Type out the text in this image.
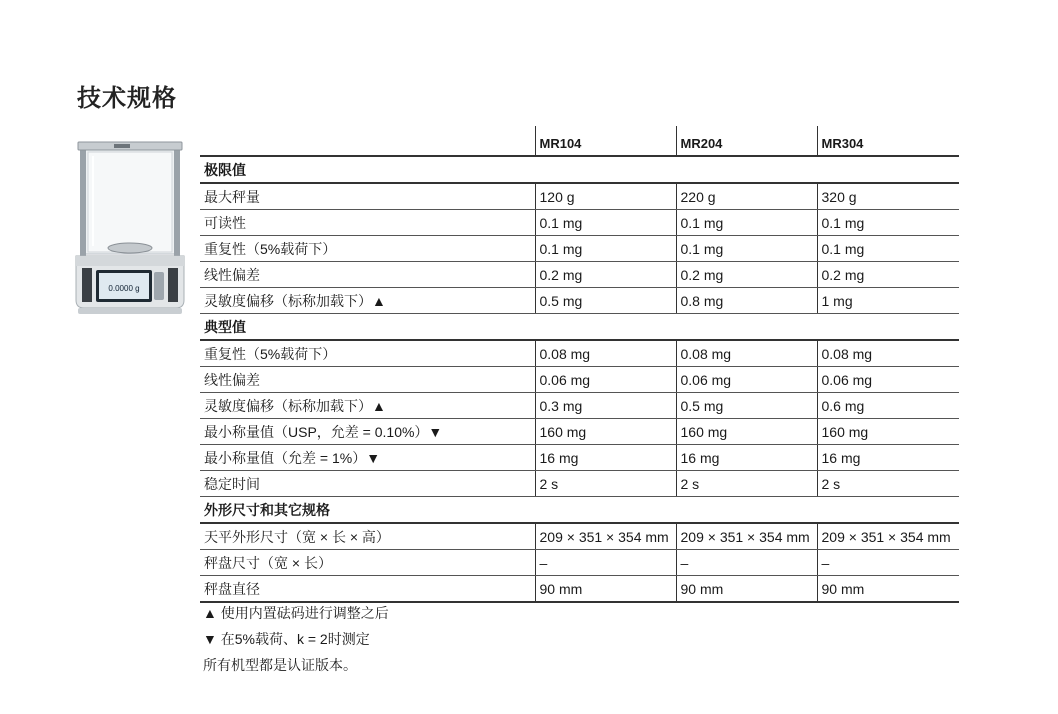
技术规格
0.0000 g
	MR104	MR204	MR304
极限值			
最大秤量	120 g	220 g	320 g
可读性	0.1 mg	0.1 mg	0.1 mg
重复性（5%载荷下）	0.1 mg	0.1 mg	0.1 mg
线性偏差	0.2 mg	0.2 mg	0.2 mg
灵敏度偏移（标称加载下）▲	0.5 mg	0.8 mg	1 mg
典型值			
重复性（5%载荷下）	0.08 mg	0.08 mg	0.08 mg
线性偏差	0.06 mg	0.06 mg	0.06 mg
灵敏度偏移（标称加载下）▲	0.3 mg	0.5 mg	0.6 mg
最小称量值（USP，允差 = 0.10%）▼	160 mg	160 mg	160 mg
最小称量值（允差 = 1%）▼	16 mg	16 mg	16 mg
稳定时间	2 s	2 s	2 s
外形尺寸和其它规格			
天平外形尺寸（宽 × 长 × 高）	209 × 351 × 354 mm	209 × 351 × 354 mm	209 × 351 × 354 mm
秤盘尺寸（宽 × 长）	–	–	–
秤盘直径	90 mm	90 mm	90 mm
▲ 使用内置砝码进行调整之后
▼ 在5%载荷、k = 2时测定
所有机型都是认证版本。
